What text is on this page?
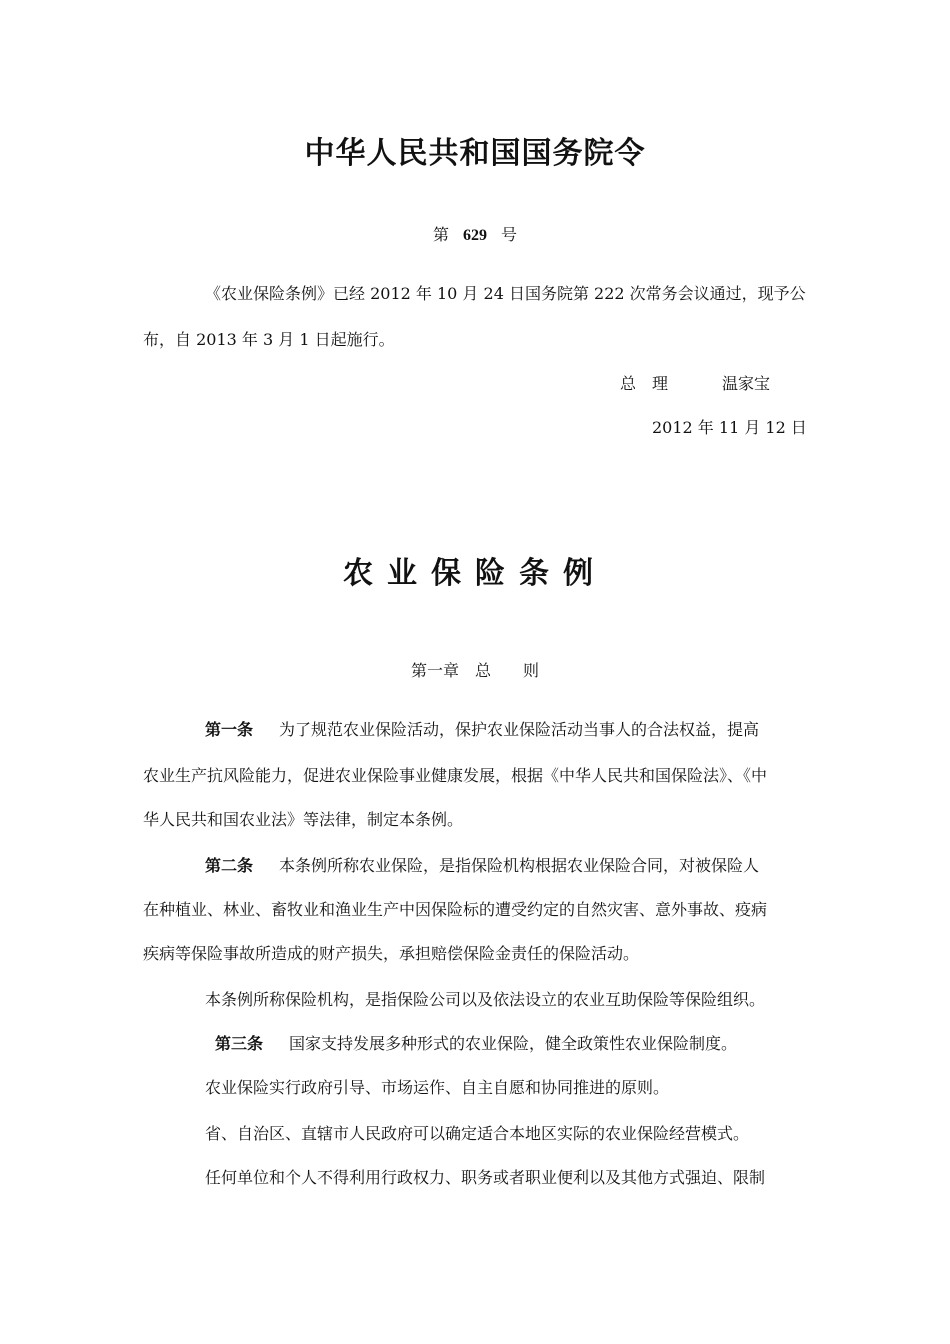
中华人民共和国国务院令
第 629 号
《农业保险条例》已经 2012 年 10 月 24 日国务院第 222 次常务会议通过，现予公
布，自 2013 年 3 月 1 日起施行。
总理 温家宝
2012 年 11 月 12 日
农业保险条例
第一章　总　　则
第一条 为了规范农业保险活动，保护农业保险活动当事人的合法权益，提高
农业生产抗风险能力，促进农业保险事业健康发展，根据《中华人民共和国保险法》、《中
华人民共和国农业法》等法律，制定本条例。
第二条 本条例所称农业保险，是指保险机构根据农业保险合同，对被保险人
在种植业、林业、畜牧业和渔业生产中因保险标的遭受约定的自然灾害、意外事故、疫病
疾病等保险事故所造成的财产损失，承担赔偿保险金责任的保险活动。
本条例所称保险机构，是指保险公司以及依法设立的农业互助保险等保险组织。
第三条 国家支持发展多种形式的农业保险，健全政策性农业保险制度。
农业保险实行政府引导、市场运作、自主自愿和协同推进的原则。
省、自治区、直辖市人民政府可以确定适合本地区实际的农业保险经营模式。
任何单位和个人不得利用行政权力、职务或者职业便利以及其他方式强迫、限制
